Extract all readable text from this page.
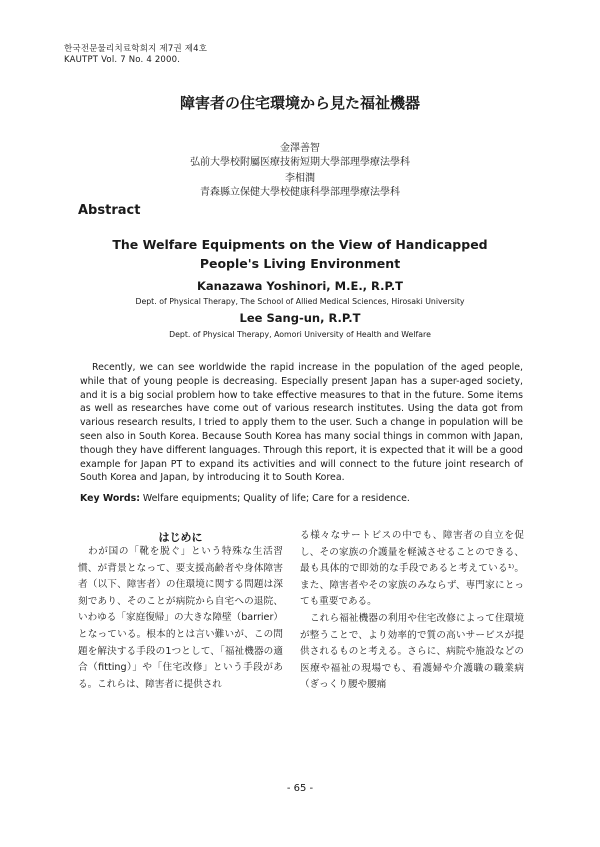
한국전문물리치료학회지 제7권 제4호
KAUTPT Vol. 7 No. 4 2000.
障害者の住宅環境から見た福祉機器
金澤善智
弘前大學校附屬医療技術短期大學部理學療法學科
李相潤
青森縣立保健大學校健康科學部理學療法學科
Abstract
The Welfare Equipments on the View of Handicapped
People's Living Environment
Kanazawa Yoshinori, M.E., R.P.T
Dept. of Physical Therapy, The School of Allied Medical Sciences, Hirosaki University
Lee Sang-un, R.P.T
Dept. of Physical Therapy, Aomori University of Health and Welfare
Recently, we can see worldwide the rapid increase in the population of the aged people, while that of young people is decreasing. Especially present Japan has a super-aged society, and it is a big social problem how to take effective measures to that in the future. Some items as well as researches have come out of various research institutes. Using the data got from various research results, I tried to apply them to the user. Such a change in population will be seen also in South Korea. Because South Korea has many social things in common with Japan, though they have different languages. Through this report, it is expected that it will be a good example for Japan PT to expand its activities and will connect to the future joint research of South Korea and Japan, by introducing it to South Korea.
Key Words: Welfare equipments; Quality of life; Care for a residence.
はじめに

わが国の「靴を脱ぐ」という特殊な生活習慣、が背景となって、要支援高齢者や身体障害者（以下、障害者）の住環境に関する問題は深刻であり、そのことが病院から自宅への退院、いわゆる「家庭復帰」の大きな障壁（barrier）となっている。根本的とは言い難いが、この問題を解決する手段の1つとして、「福祉機器の適合（fitting）」や「住宅改修」という手段がある。これらは、障害者に提供され

る様々なサートビスの中でも、障害者の自立を促し、その家族の介護量を軽減させることのできる、最も具体的で即効的な手段であると考えている¹⁾。また、障害者やその家族のみならず、専門家にとっても重要である。

これら福祉機器の利用や住宅改修によって住環境が整うことで、より効率的で質の高いサービスが提供されるものと考える。さらに、病院や施設などの医療や福祉の現場でも、看護婦や介護職の職業病（ぎっくり腰や腰痛

- 65 -
